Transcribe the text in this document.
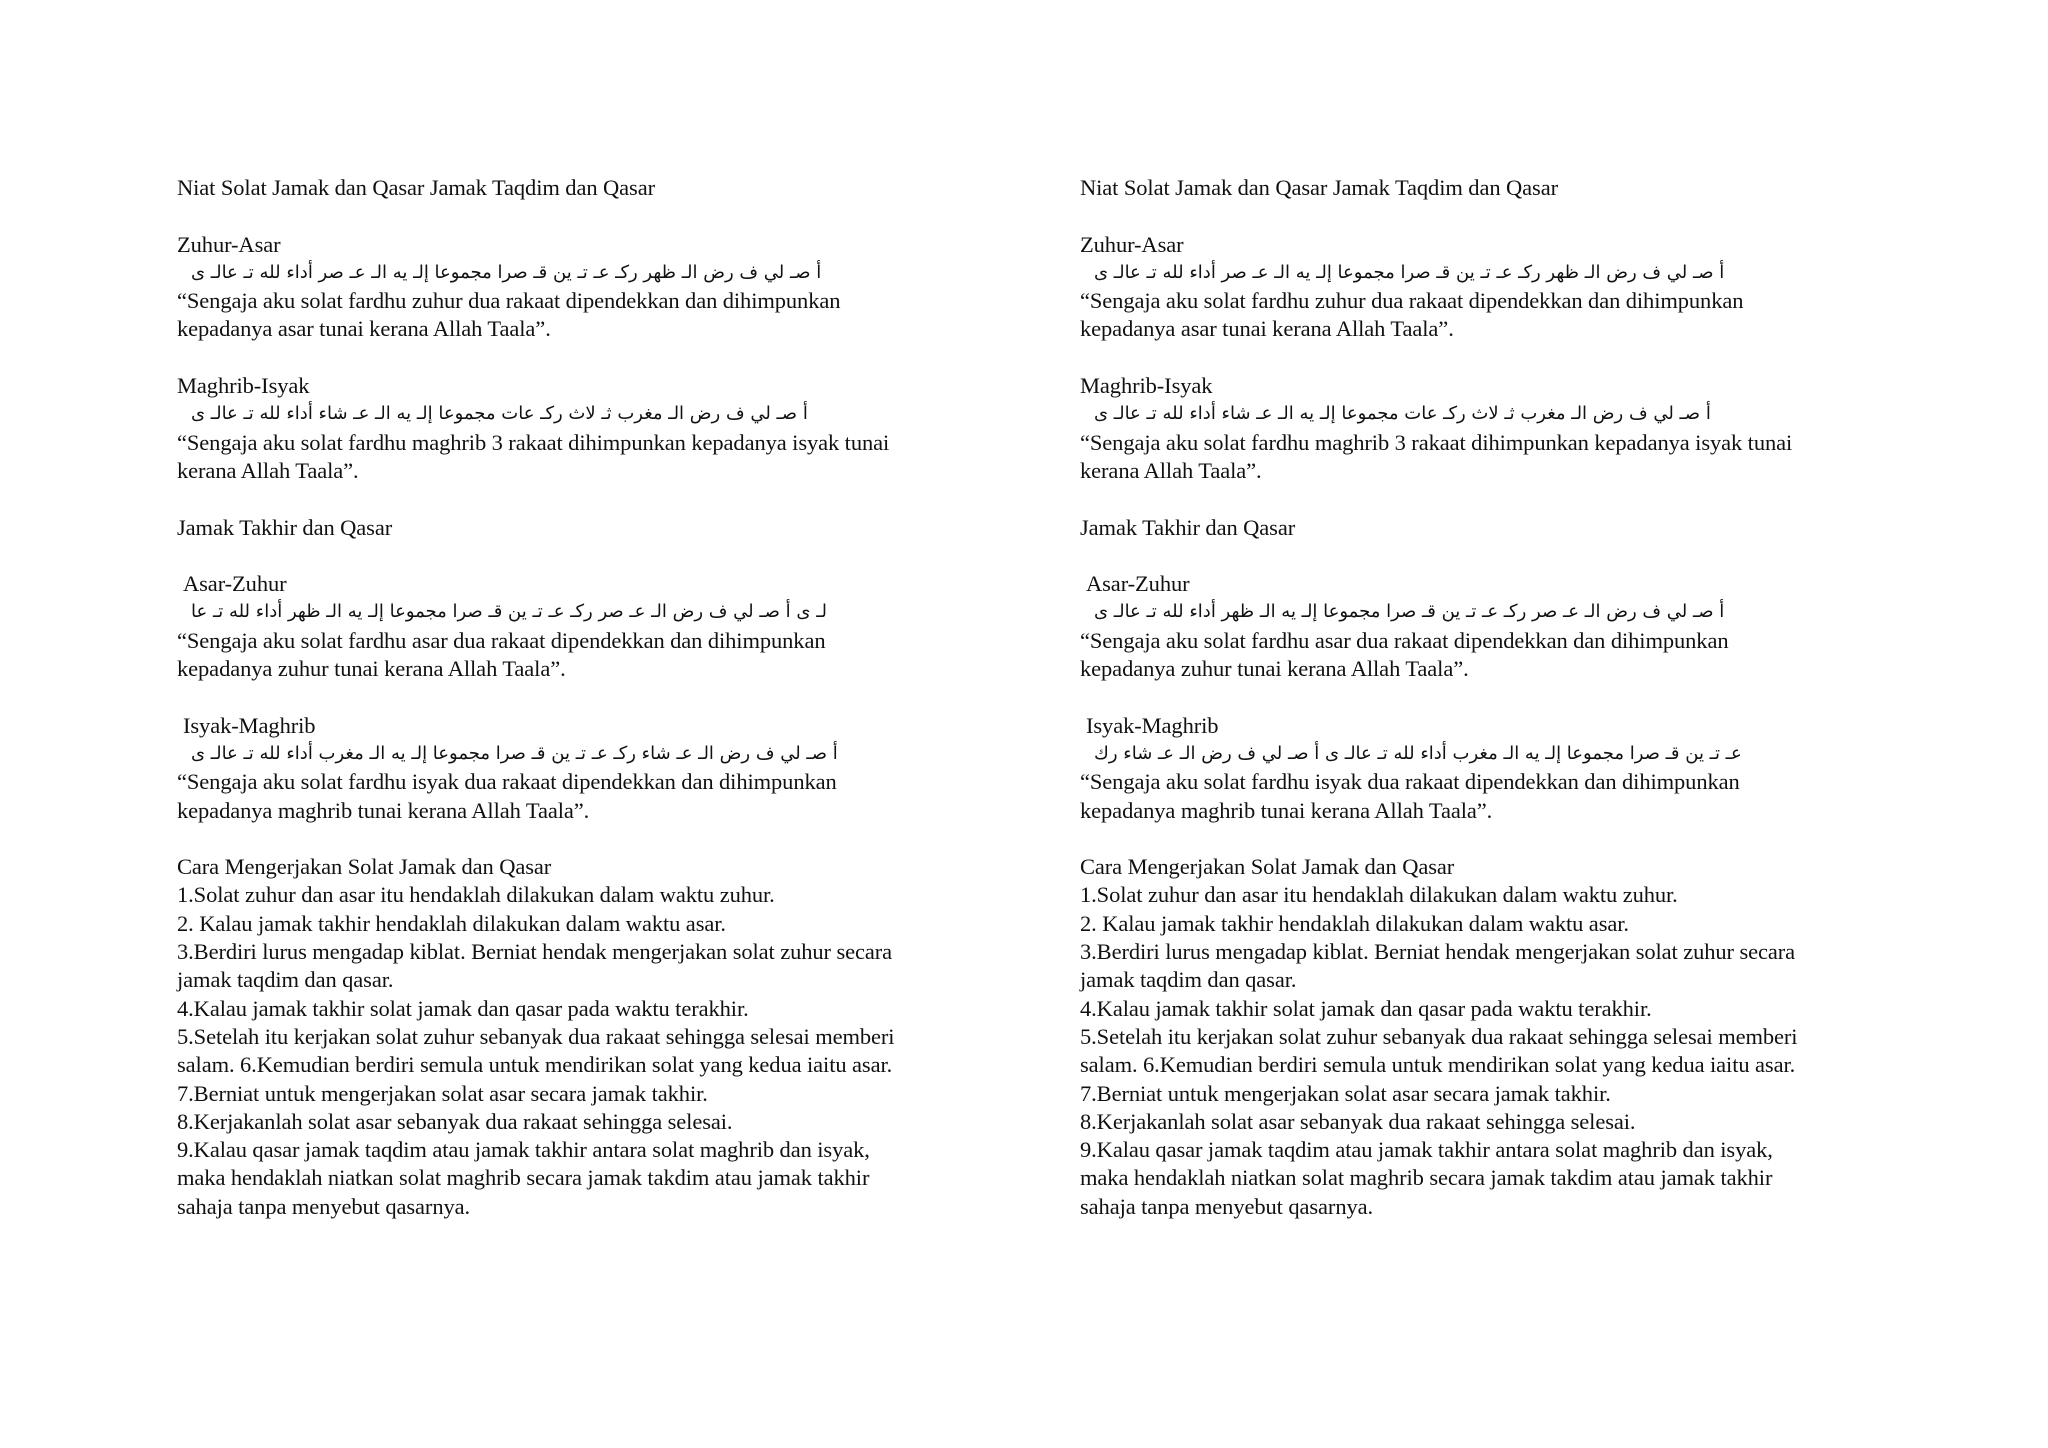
Niat Solat Jamak dan Qasar Jamak Taqdim dan Qasar
Zuhur-Asar
أ صـ لي ف رض الـ ظهر ركـ عـ تـ ين قـ صرا مجموعا إلـ يه الـ عـ صر أداء لله تـ عالـ ى
“Sengaja aku solat fardhu zuhur dua rakaat dipendekkan dan dihimpunkan
kepadanya asar tunai kerana Allah Taala”.
Maghrib-Isyak
أ صـ لي ف رض الـ مغرب ثـ لاث ركـ عات مجموعا إلـ يه الـ عـ شاء أداء لله تـ عالـ ى
“Sengaja aku solat fardhu maghrib 3 rakaat dihimpunkan kepadanya isyak tunai
kerana Allah Taala”.
Jamak Takhir dan Qasar
Asar-Zuhur
لـ ى أ صـ لي ف رض الـ عـ صر ركـ عـ تـ ين قـ صرا مجموعا إلـ يه الـ ظهر أداء لله تـ عا
“Sengaja aku solat fardhu asar dua rakaat dipendekkan dan dihimpunkan
kepadanya zuhur tunai kerana Allah Taala”.
Isyak-Maghrib
أ صـ لي ف رض الـ عـ شاء ركـ عـ تـ ين قـ صرا مجموعا إلـ يه الـ مغرب أداء لله تـ عالـ ى
“Sengaja aku solat fardhu isyak dua rakaat dipendekkan dan dihimpunkan
kepadanya maghrib tunai kerana Allah Taala”.
Cara Mengerjakan Solat Jamak dan Qasar
1.Solat zuhur dan asar itu hendaklah dilakukan dalam waktu zuhur.
2. Kalau jamak takhir hendaklah dilakukan dalam waktu asar.
3.Berdiri lurus mengadap kiblat. Berniat hendak mengerjakan solat zuhur secara
jamak taqdim dan qasar.
4.Kalau jamak takhir solat jamak dan qasar pada waktu terakhir.
5.Setelah itu kerjakan solat zuhur sebanyak dua rakaat sehingga selesai memberi
salam. 6.Kemudian berdiri semula untuk mendirikan solat yang kedua iaitu asar.
7.Berniat untuk mengerjakan solat asar secara jamak takhir.
8.Kerjakanlah solat asar sebanyak dua rakaat sehingga selesai.
9.Kalau qasar jamak taqdim atau jamak takhir antara solat maghrib dan isyak,
maka hendaklah niatkan solat maghrib secara jamak takdim atau jamak takhir
sahaja tanpa menyebut qasarnya.
Niat Solat Jamak dan Qasar Jamak Taqdim dan Qasar
Zuhur-Asar
أ صـ لي ف رض الـ ظهر ركـ عـ تـ ين قـ صرا مجموعا إلـ يه الـ عـ صر أداء لله تـ عالـ ى
“Sengaja aku solat fardhu zuhur dua rakaat dipendekkan dan dihimpunkan
kepadanya asar tunai kerana Allah Taala”.
Maghrib-Isyak
أ صـ لي ف رض الـ مغرب ثـ لاث ركـ عات مجموعا إلـ يه الـ عـ شاء أداء لله تـ عالـ ى
“Sengaja aku solat fardhu maghrib 3 rakaat dihimpunkan kepadanya isyak tunai
kerana Allah Taala”.
Jamak Takhir dan Qasar
Asar-Zuhur
أ صـ لي ف رض الـ عـ صر ركـ عـ تـ ين قـ صرا مجموعا إلـ يه الـ ظهر أداء لله تـ عالـ ى
“Sengaja aku solat fardhu asar dua rakaat dipendekkan dan dihimpunkan
kepadanya zuhur tunai kerana Allah Taala”.
Isyak-Maghrib
عـ تـ ين قـ صرا مجموعا إلـ يه الـ مغرب أداء لله تـ عالـ ى أ صـ لي ف رض الـ عـ شاء رك
“Sengaja aku solat fardhu isyak dua rakaat dipendekkan dan dihimpunkan
kepadanya maghrib tunai kerana Allah Taala”.
Cara Mengerjakan Solat Jamak dan Qasar
1.Solat zuhur dan asar itu hendaklah dilakukan dalam waktu zuhur.
2. Kalau jamak takhir hendaklah dilakukan dalam waktu asar.
3.Berdiri lurus mengadap kiblat. Berniat hendak mengerjakan solat zuhur secara
jamak taqdim dan qasar.
4.Kalau jamak takhir solat jamak dan qasar pada waktu terakhir.
5.Setelah itu kerjakan solat zuhur sebanyak dua rakaat sehingga selesai memberi
salam. 6.Kemudian berdiri semula untuk mendirikan solat yang kedua iaitu asar.
7.Berniat untuk mengerjakan solat asar secara jamak takhir.
8.Kerjakanlah solat asar sebanyak dua rakaat sehingga selesai.
9.Kalau qasar jamak taqdim atau jamak takhir antara solat maghrib dan isyak,
maka hendaklah niatkan solat maghrib secara jamak takdim atau jamak takhir
sahaja tanpa menyebut qasarnya.
